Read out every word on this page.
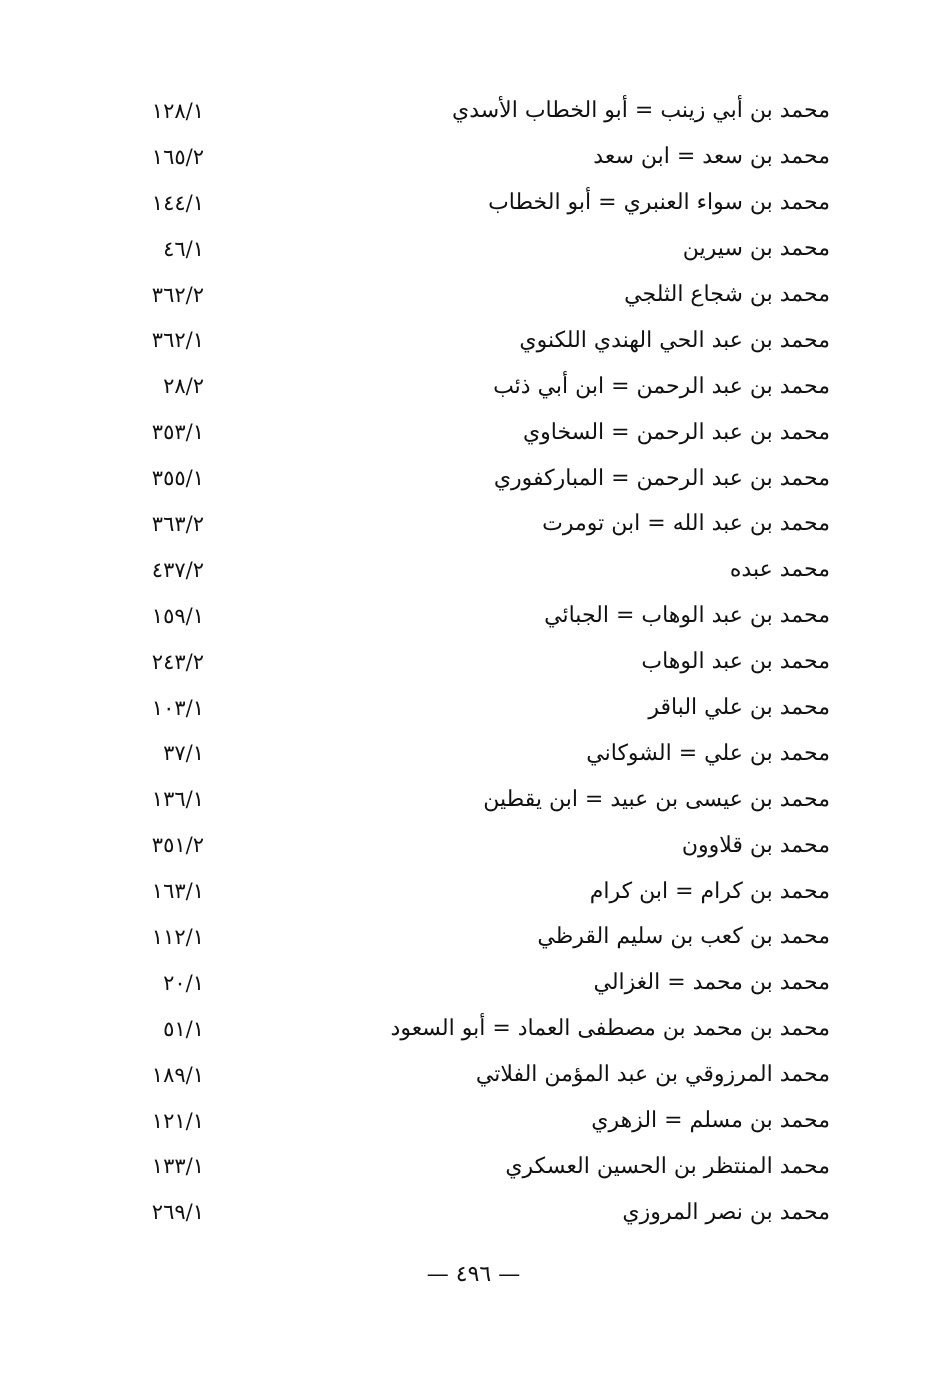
محمد بن أبي زينب = أبو الخطاب الأسدي
١٢٨/١
محمد بن سعد = ابن سعد
١٦٥/٢
محمد بن سواء العنبري = أبو الخطاب
١٤٤/١
محمد بن سيرين
٤٦/١
محمد بن شجاع الثلجي
٣٦٢/٢
محمد بن عبد الحي الهندي اللكنوي
٣٦٢/١
محمد بن عبد الرحمن = ابن أبي ذئب
٢٨/٢
محمد بن عبد الرحمن = السخاوي
٣٥٣/١
محمد بن عبد الرحمن = المباركفوري
٣٥٥/١
محمد بن عبد الله = ابن تومرت
٣٦٣/٢
محمد عبده
٤٣٧/٢
محمد بن عبد الوهاب = الجبائي
١٥٩/١
محمد بن عبد الوهاب
٢٤٣/٢
محمد بن علي الباقر
١٠٣/١
محمد بن علي = الشوكاني
٣٧/١
محمد بن عيسى بن عبيد = ابن يقطين
١٣٦/١
محمد بن قلاوون
٣٥١/٢
محمد بن كرام = ابن كرام
١٦٣/١
محمد بن كعب بن سليم القرظي
١١٢/١
محمد بن محمد = الغزالي
٢٠/١
محمد بن محمد بن مصطفى العماد = أبو السعود
٥١/١
محمد المرزوقي بن عبد المؤمن الفلاتي
١٨٩/١
محمد بن مسلم = الزهري
١٢١/١
محمد المنتظر بن الحسين العسكري
١٣٣/١
محمد بن نصر المروزي
٢٦٩/١
— ٤٩٦ —
